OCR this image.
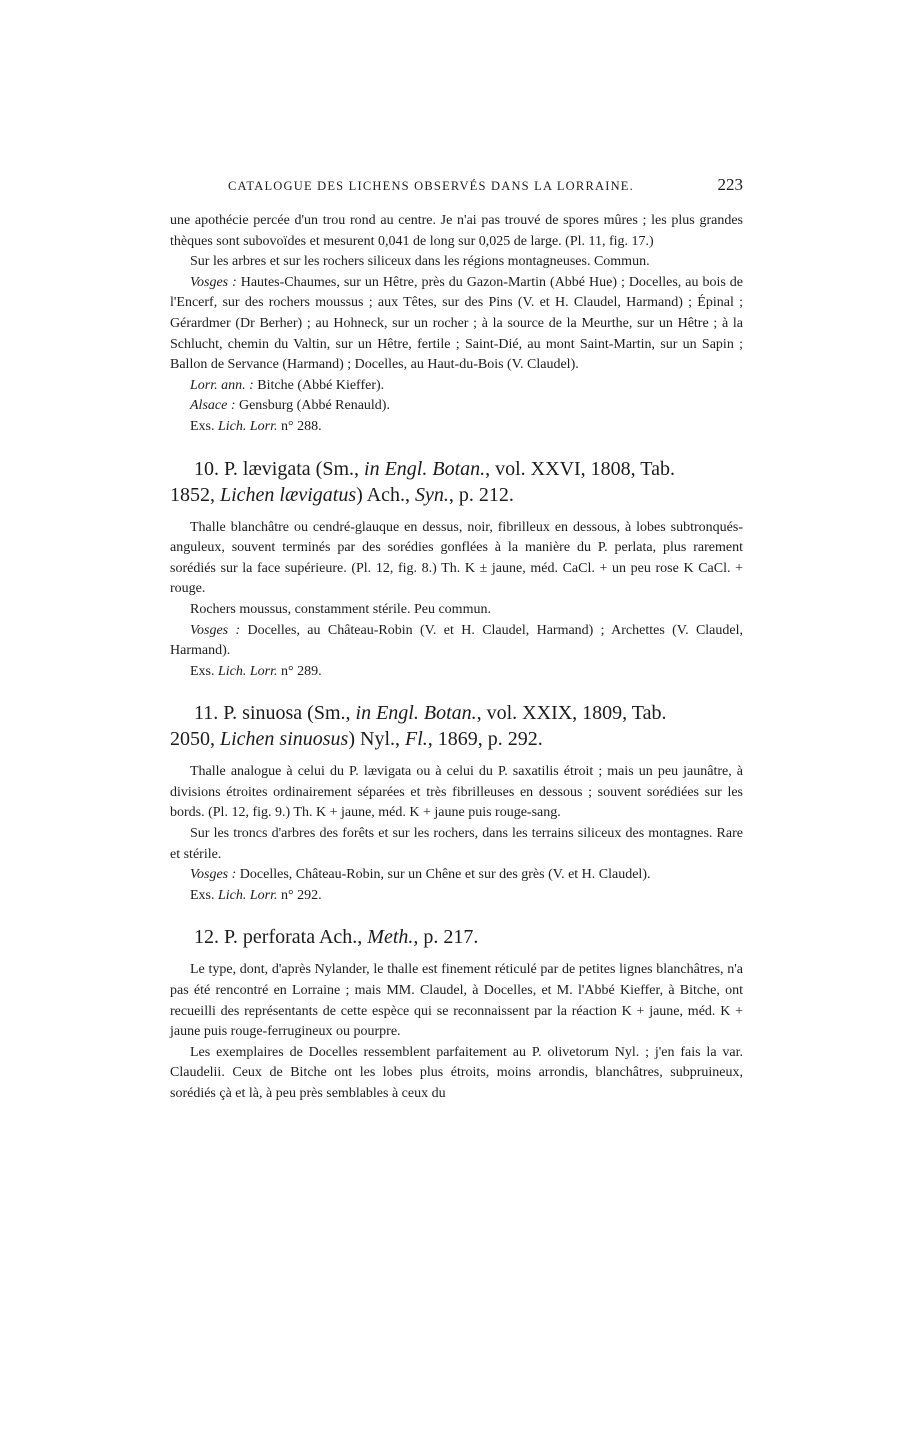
CATALOGUE DES LICHENS OBSERVÉS DANS LA LORRAINE.	223

une apothécie percée d'un trou rond au centre. Je n'ai pas trouvé de spores mûres ; les plus grandes thèques sont subovoïdes et mesurent 0,041 de long sur 0,025 de large. (Pl. 11, fig. 17.)

Sur les arbres et sur les rochers siliceux dans les régions montagneuses. Commun.

Vosges : Hautes-Chaumes, sur un Hêtre, près du Gazon-Martin (Abbé Hue) ; Docelles, au bois de l'Encerf, sur des rochers moussus ; aux Têtes, sur des Pins (V. et H. Claudel, Harmand) ; Épinal ; Gérardmer (Dr Berher) ; au Hohneck, sur un rocher ; à la source de la Meurthe, sur un Hêtre ; à la Schlucht, chemin du Valtin, sur un Hêtre, fertile ; Saint-Dié, au mont Saint-Martin, sur un Sapin ; Ballon de Servance (Harmand) ; Docelles, au Haut-du-Bois (V. Claudel).

Lorr. ann. : Bitche (Abbé Kieffer).

Alsace : Gensburg (Abbé Renauld).

Exs. Lich. Lorr. n° 288.

10. P. lævigata (Sm., in Engl. Botan., vol. XXVI, 1808, Tab.

1852, Lichen lævigatus) Ach., Syn., p. 212.

Thalle blanchâtre ou cendré-glauque en dessus, noir, fibrilleux en dessous, à lobes subtronqués-anguleux, souvent terminés par des sorédies gonflées à la manière du P. perlata, plus rarement sorédiés sur la face supérieure. (Pl. 12, fig. 8.) Th. K ± jaune, méd. CaCl. + un peu rose K CaCl. + rouge.

Rochers moussus, constamment stérile. Peu commun.

Vosges : Docelles, au Château-Robin (V. et H. Claudel, Harmand) ; Archettes (V. Claudel, Harmand).

Exs. Lich. Lorr. n° 289.

11. P. sinuosa (Sm., in Engl. Botan., vol. XXIX, 1809, Tab.

2050, Lichen sinuosus) Nyl., Fl., 1869, p. 292.

Thalle analogue à celui du P. lævigata ou à celui du P. saxatilis étroit ; mais un peu jaunâtre, à divisions étroites ordinairement séparées et très fibrilleuses en dessous ; souvent sorédiées sur les bords. (Pl. 12, fig. 9.) Th. K + jaune, méd. K + jaune puis rouge-sang.

Sur les troncs d'arbres des forêts et sur les rochers, dans les terrains siliceux des montagnes. Rare et stérile.

Vosges : Docelles, Château-Robin, sur un Chêne et sur des grès (V. et H. Claudel).

Exs. Lich. Lorr. n° 292.

12. P. perforata Ach., Meth., p. 217.

Le type, dont, d'après Nylander, le thalle est finement réticulé par de petites lignes blanchâtres, n'a pas été rencontré en Lorraine ; mais MM. Claudel, à Docelles, et M. l'Abbé Kieffer, à Bitche, ont recueilli des représentants de cette espèce qui se reconnaissent par la réaction K + jaune, méd. K + jaune puis rouge-ferrugineux ou pourpre.

Les exemplaires de Docelles ressemblent parfaitement au P. olivetorum Nyl. ; j'en fais la var. Claudelii. Ceux de Bitche ont les lobes plus étroits, moins arrondis, blanchâtres, subpruineux, sorédiés çà et là, à peu près semblables à ceux du
